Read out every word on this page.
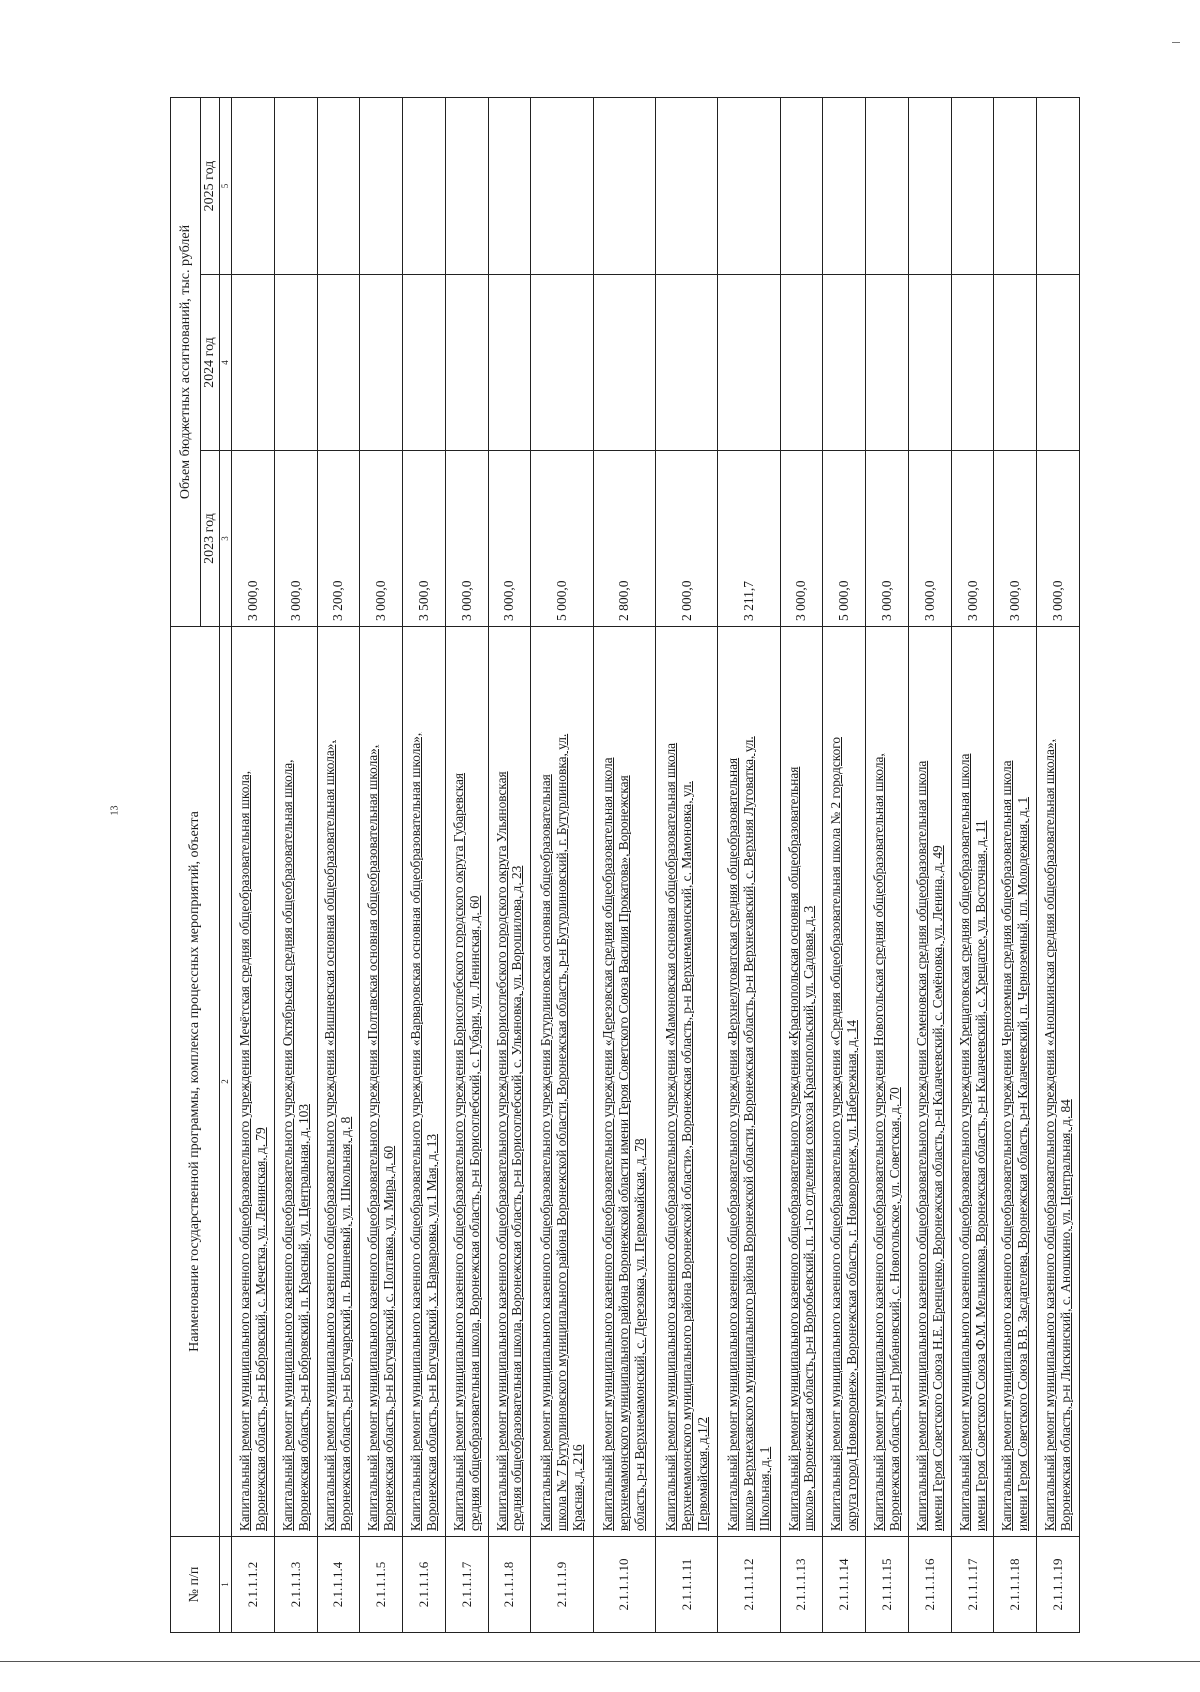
13
№ п/п	Наименование государственной программы, комплекса процессных мероприятий, объекта	Объем бюджетных ассигнований, тыс. рублей		
		2023 год	2024 год	2025 год
1	2	3	4	5
2.1.1.1.2	Капитальный ремонт муниципального казенного общеобразовательного учреждения Мечётская средняя общеобразовательная школа, Воронежская область, р-н Бобровский, с. Мечетка, ул. Ленинская, д. 79	3 000,0		
2.1.1.1.3	Капитальный ремонт муниципального казенного общеобразовательного учреждения Октябрьская средняя общеобразовательная школа, Воронежская область, р-н Бобровский, п. Красный, ул. Центральная, д. 103	3 000,0		
2.1.1.1.4	Капитальный ремонт муниципального казенного общеобразовательного учреждения «Вишневская основная общеобразовательная школа», Воронежская область, р-н Богучарский, п. Вишневый, ул. Школьная, д. 8	3 200,0		
2.1.1.1.5	Капитальный ремонт муниципального казенного общеобразовательного учреждения «Полтавская основная общеобразовательная школа», Воронежская область, р-н Богучарский, с. Полтавка, ул. Мира, д. 60	3 000,0		
2.1.1.1.6	Капитальный ремонт муниципального казенного общеобразовательного учреждения «Варваровская основная общеобразовательная школа», Воронежская область, р-н Богучарский, х. Варваровка, ул.1 Мая, д. 13	3 500,0		
2.1.1.1.7	Капитальный ремонт муниципального казенного общеобразовательного учреждения Борисоглебского городского округа Губаревская средняя общеобразовательная школа, Воронежская область, р-н Борисоглебский, с. Губари, ул. Ленинская, д. 60	3 000,0		
2.1.1.1.8	Капитальный ремонт муниципального казенного общеобразовательного учреждения Борисоглебского городского округа Ульяновская средняя общеобразовательная школа, Воронежская область, р-н Борисоглебский, с. Ульяновка, ул. Ворошилова, д. 23	3 000,0		
2.1.1.1.9	Капитальный ремонт муниципального казенного общеобразовательного учреждения Бутурлиновская основная общеобразовательная школа № 7 Бутурлиновского муниципального района Воронежской области, Воронежская область, р-н Бутурлиновский, г. Бутурлиновка, ул. Красная, д. 216	5 000,0		
2.1.1.1.10	Капитальный ремонт муниципального казенного общеобразовательного учреждения «Дерезовская средняя общеобразовательная школа верхнемамонского муниципального района Воронежской области имени Героя Советского Союза Василия Прокатова», Воронежская область, р-н Верхнемамонский, с. Дерезовка, ул. Первомайская, д. 78	2 800,0		
2.1.1.1.11	Капитальный ремонт муниципального казенного общеобразовательного учреждения «Мамоновская основная общеобразовательная школа Верхнемамонского муниципального района Воронежской области», Воронежская область, р-н Верхнемамонский, с. Мамоновка, ул. Первомайская, д.1/2	2 000,0		
2.1.1.1.12	Капитальный ремонт муниципального казенного общеобразовательного учреждения «Верхнелуговатская средняя общеобразовательная школа» Верхнехавского муниципального района Воронежской области, Воронежская область, р-н Верхнехавский, с. Верхняя Луговатка, ул. Школьная, д. 1	3 211,7		
2.1.1.1.13	Капитальный ремонт муниципального казенного общеобразовательного учреждения «Краснопольская основная общеобразовательная школа», Воронежская область, р-н Воробьевский, п. 1-го отделения совхоза Краснопольский, ул. Садовая, д. 3	3 000,0		
2.1.1.1.14	Капитальный ремонт муниципального казенного общеобразовательного учреждения «Средняя общеобразовательная школа № 2 городского округа город Нововоронеж», Воронежская область, г. Нововоронеж, ул. Набережная, д. 14	5 000,0		
2.1.1.1.15	Капитальный ремонт муниципального казенного общеобразовательного учреждения Новогольская средняя общеобразовательная школа, Воронежская область, р-н Грибановский, с. Новогольское, ул. Советская, д. 70	3 000,0		
2.1.1.1.16	Капитальный ремонт муниципального казенного общеобразовательного учреждения Семеновская средняя общеобразовательная школа имени Героя Советского Союза Н.Е. Еренценко, Воронежская область, р-н Калачеевский, с. Семёновка, ул. Ленина, д. 49	3 000,0		
2.1.1.1.17	Капитальный ремонт муниципального казенного общеобразовательного учреждения Хрещатовская средняя общеобразовательная школа имени Героя Советского Союза Ф.М. Мельникова, Воронежская область, р-н Калачеевский, с. Хрещатое, ул. Восточная, д. 11	3 000,0		
2.1.1.1.18	Капитальный ремонт муниципального казенного общеобразовательного учреждения Черноземная средняя общеобразовательная школа имени Героя Советского Союза В.В. Засдателева, Воронежская область, р-н Калачеевский, п. Черноземный, пл. Молодежная, д. 1	3 000,0		
2.1.1.1.19	Капитальный ремонт муниципального казенного общеобразовательного учреждения «Аношкинская средняя общеобразовательная школа», Воронежская область, р-н Лискинский, с. Аношкино, ул. Центральная, д. 84	3 000,0		
